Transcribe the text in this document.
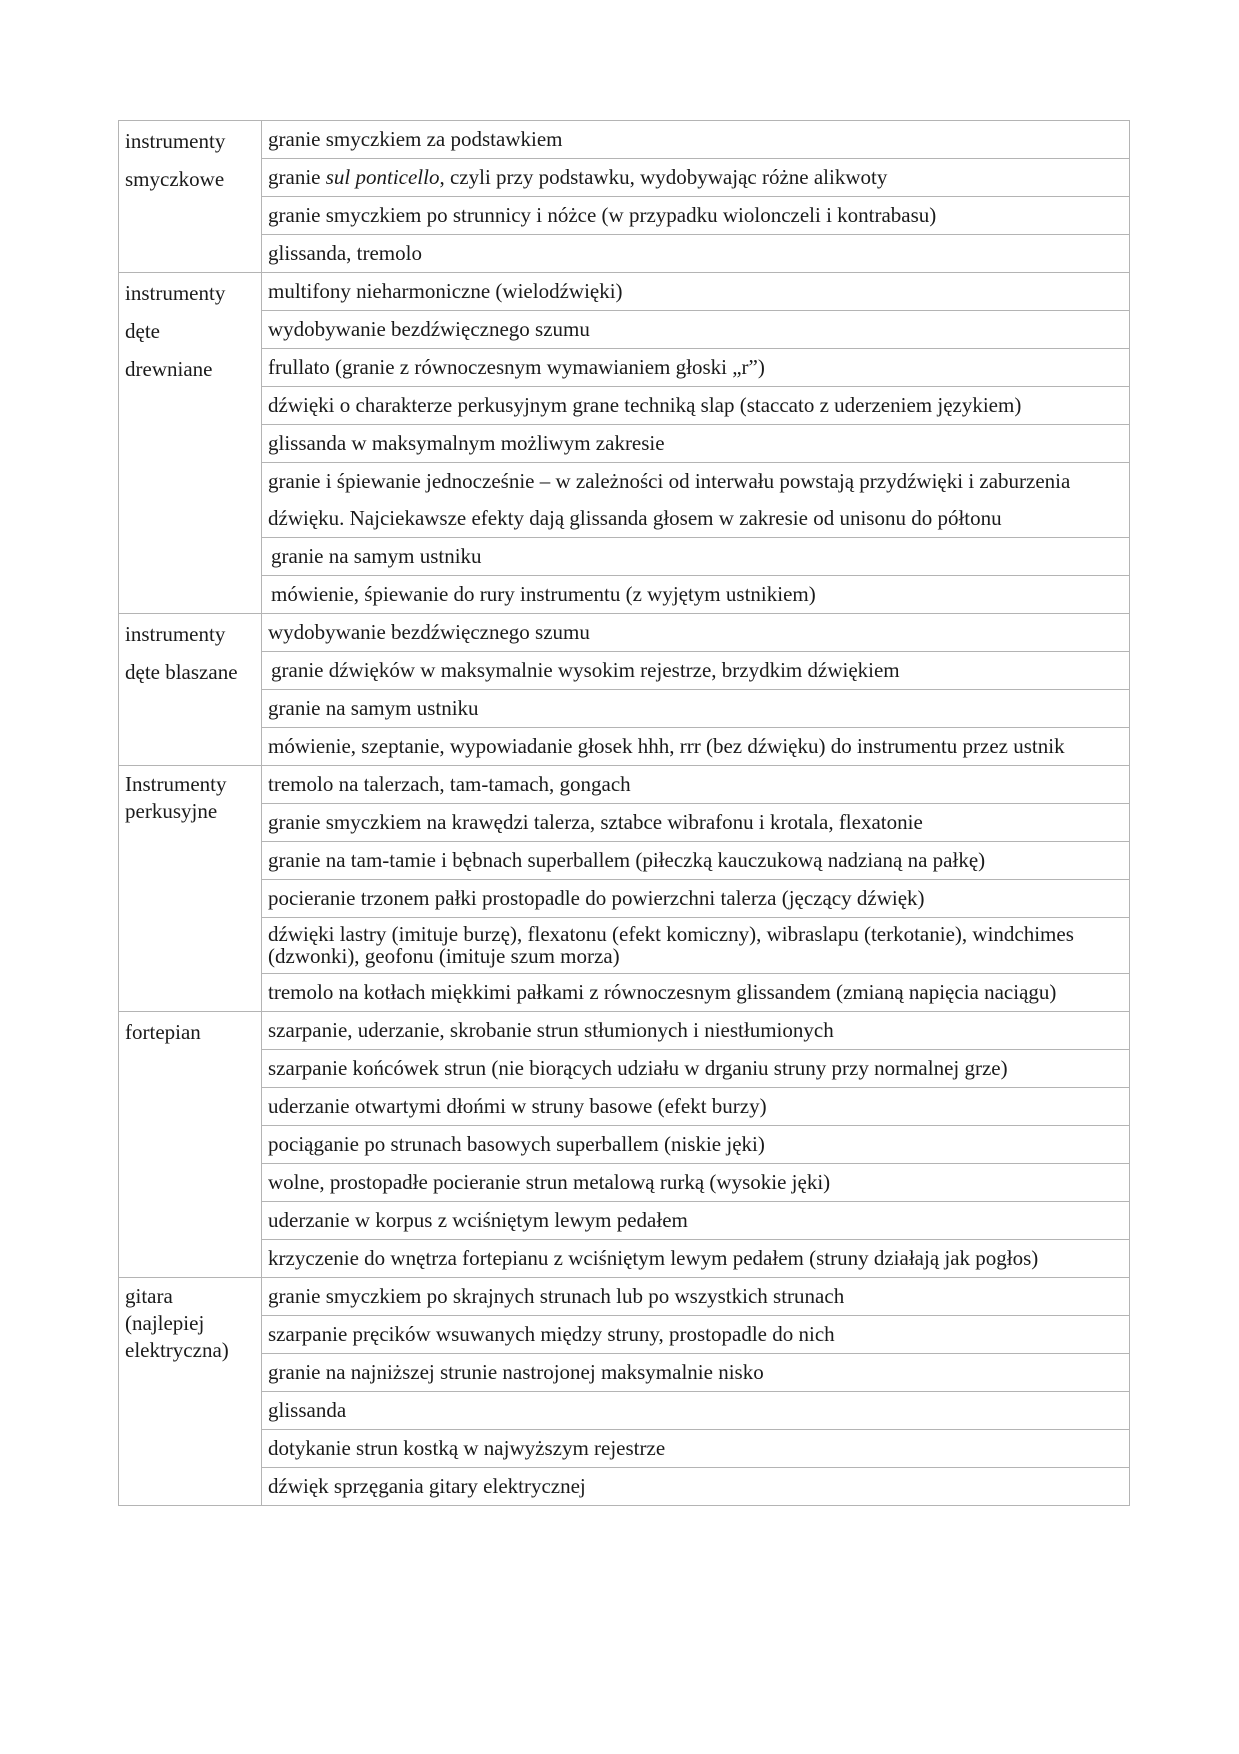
instrumenty
smyczkowe	granie smyczkiem za podstawkiem
	granie sul ponticello, czyli przy podstawku, wydobywając różne alikwoty
	granie smyczkiem po strunnicy i nóżce (w przypadku wiolonczeli i kontrabasu)
	glissanda, tremolo

instrumenty
dęte
drewniane	multifony nieharmoniczne (wielodźwięki)
	wydobywanie bezdźwięcznego szumu
	frullato (granie z równoczesnym wymawianiem głoski „r”)
	dźwięki o charakterze perkusyjnym grane techniką slap (staccato z uderzeniem językiem)
	glissanda w maksymalnym możliwym zakresie
	granie i śpiewanie jednocześnie – w zależności od interwału powstają przydźwięki i zaburzenia dźwięku. Najciekawsze efekty dają glissanda głosem w zakresie od unisonu do półtonu
	granie na samym ustniku
	mówienie, śpiewanie do rury instrumentu (z wyjętym ustnikiem)

instrumenty
dęte blaszane	wydobywanie bezdźwięcznego szumu
	granie dźwięków w maksymalnie wysokim rejestrze, brzydkim dźwiękiem
	granie na samym ustniku
	mówienie, szeptanie, wypowiadanie głosek hhh, rrr (bez dźwięku) do instrumentu przez ustnik

Instrumenty
perkusyjne	tremolo na talerzach, tam-tamach, gongach
	granie smyczkiem na krawędzi talerza, sztabce wibrafonu i krotala, flexatonie
	granie na tam-tamie i bębnach superballem (piłeczką kauczukową nadzianą na pałkę)
	pocieranie trzonem pałki prostopadle do powierzchni talerza (jęczący dźwięk)
	dźwięki lastry (imituje burzę), flexatonu (efekt komiczny), wibraslapu (terkotanie), windchimes (dzwonki), geofonu (imituje szum morza)
	tremolo na kotłach miękkimi pałkami z równoczesnym glissandem (zmianą napięcia naciągu)

fortepian	szarpanie, uderzanie, skrobanie strun stłumionych i niestłumionych
	szarpanie końcówek strun (nie biorących udziału w drganiu struny przy normalnej grze)
	uderzanie otwartymi dłońmi w struny basowe (efekt burzy)
	pociąganie po strunach basowych superballem (niskie jęki)
	wolne, prostopadłe pocieranie strun metalową rurką (wysokie jęki)
	uderzanie w korpus z wciśniętym lewym pedałem
	krzyczenie do wnętrza fortepianu z wciśniętym lewym pedałem (struny działają jak pogłos)

gitara
(najlepiej
elektryczna)	granie smyczkiem po skrajnych strunach lub po wszystkich strunach
	szarpanie pręcików wsuwanych między struny, prostopadle do nich
	granie na najniższej strunie nastrojonej maksymalnie nisko
	glissanda
	dotykanie strun kostką w najwyższym rejestrze
	dźwięk sprzęgania gitary elektrycznej
